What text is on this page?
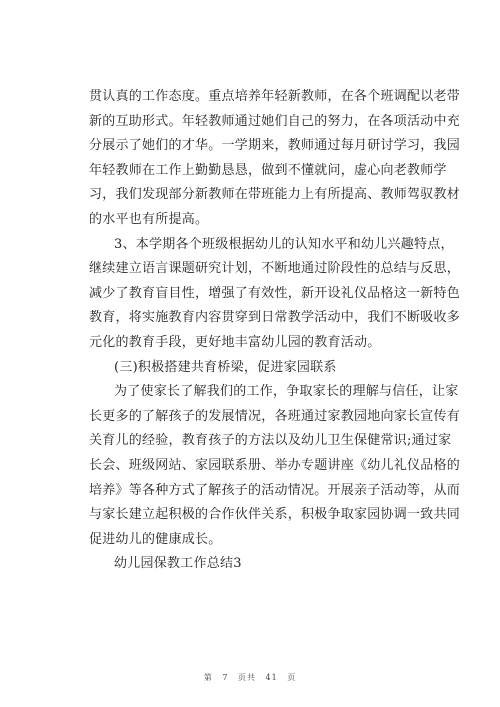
贯认真的工作态度。重点培养年轻新教师，在各个班调配以老带
新的互助形式。年轻教师通过她们自己的努力，在各项活动中充
分展示了她们的才华。一学期来，教师通过每月研讨学习，我园
年轻教师在工作上勤勤恳恳，做到不懂就问，虚心向老教师学
习，我们发现部分新教师在带班能力上有所提高、教师驾驭教材
的水平也有所提高。
3、本学期各个班级根据幼儿的认知水平和幼儿兴趣特点，
继续建立语言课题研究计划，不断地通过阶段性的总结与反思，
减少了教育盲目性，增强了有效性，新开设礼仪品格这一新特色
教育，将实施教育内容贯穿到日常教学活动中，我们不断吸收多
元化的教育手段，更好地丰富幼儿园的教育活动。
(三)积极搭建共育桥梁，促进家园联系
为了使家长了解我们的工作，争取家长的理解与信任，让家
长更多的了解孩子的发展情况，各班通过家教园地向家长宣传有
关育儿的经验，教育孩子的方法以及幼儿卫生保健常识;通过家
长会、班级网站、家园联系册、举办专题讲座《幼儿礼仪品格的
培养》等各种方式了解孩子的活动情况。开展亲子活动等，从而
与家长建立起积极的合作伙伴关系，积极争取家园协调一致共同
促进幼儿的健康成长。
幼儿园保教工作总结3
第 7 页共 41 页
